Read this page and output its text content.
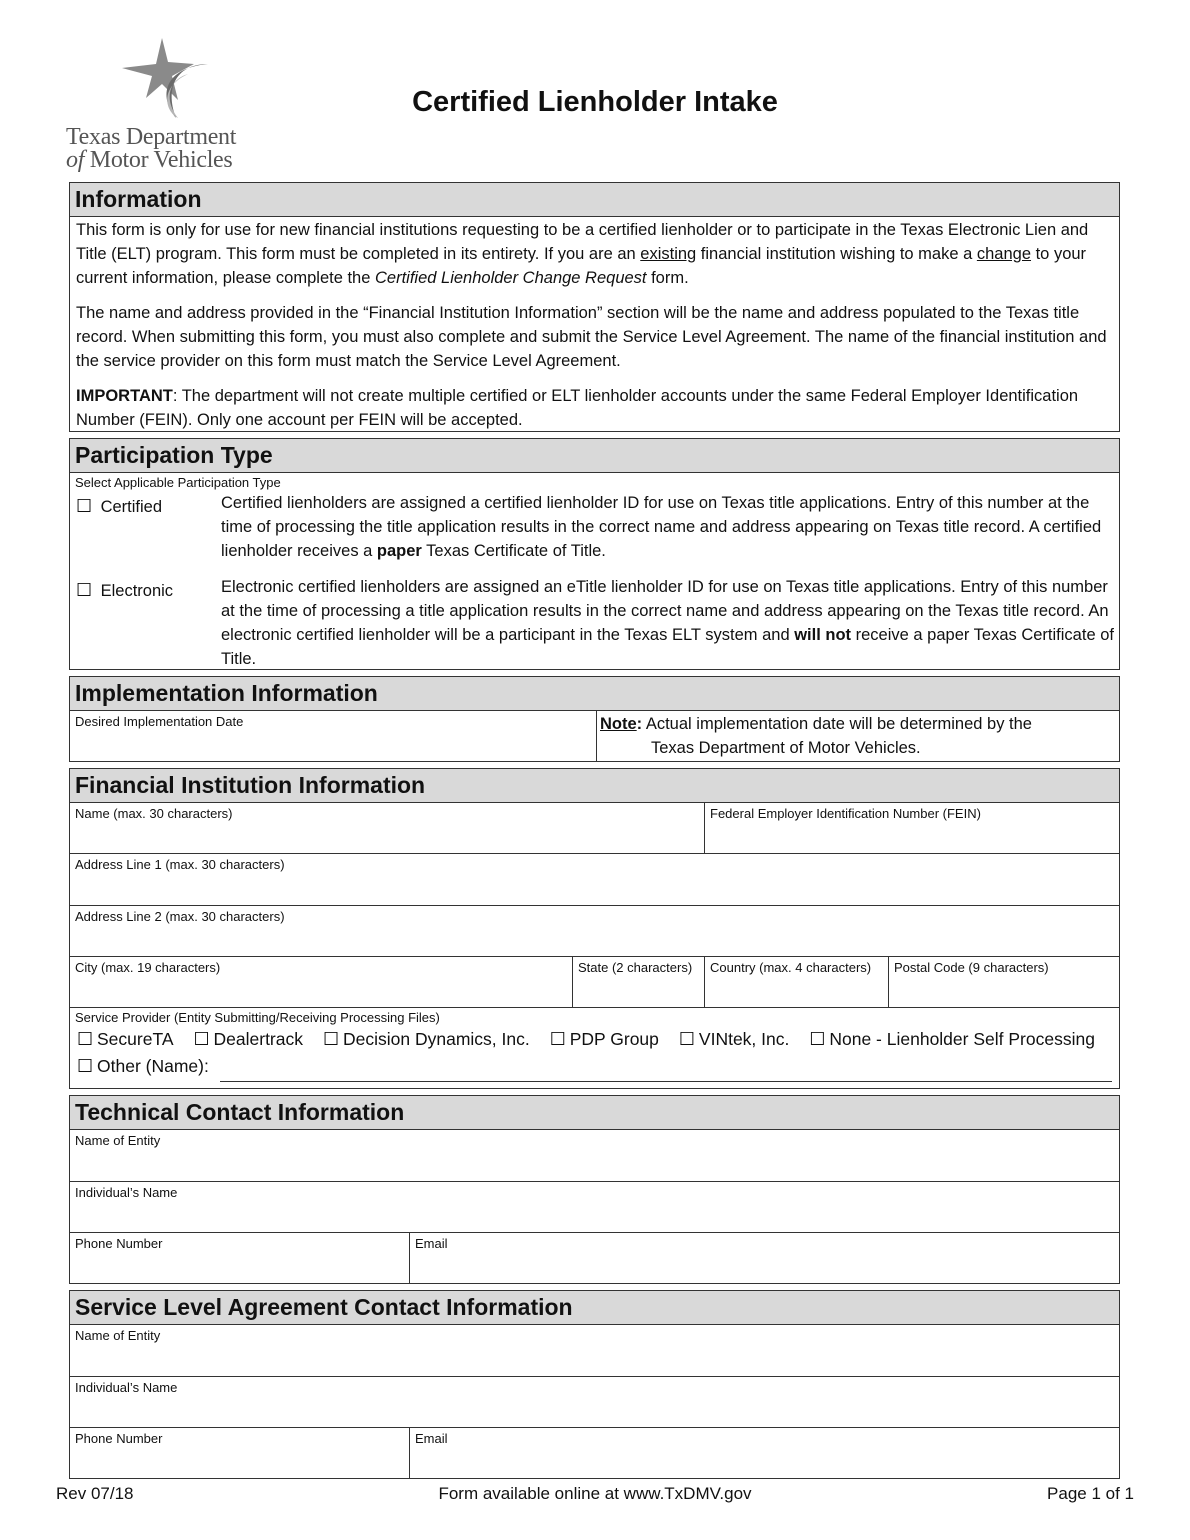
Texas Department
of Motor Vehicles
Certified Lienholder Intake
Information

This form is only for use for new financial institutions requesting to be a certified lienholder or to participate in the Texas Electronic Lien and Title (ELT) program. This form must be completed in its entirety. If you are an existing financial institution wishing to make a change to your current information, please complete the Certified Lienholder Change Request form.

The name and address provided in the “Financial Institution Information” section will be the name and address populated to the Texas title record. When submitting this form, you must also complete and submit the Service Level Agreement. The name of the financial institution and the service provider on this form must match the Service Level Agreement.

IMPORTANT: The department will not create multiple certified or ELT lienholder accounts under the same Federal Employer Identification Number (FEIN). Only one account per FEIN will be accepted.

Participation Type
Select Applicable Participation Type
☐ Certified	Certified lienholders are assigned a certified lienholder ID for use on Texas title applications. Entry of this number at the time of processing the title application results in the correct name and address appearing on Texas title record. A certified lienholder receives a paper Texas Certificate of Title.
☐ Electronic	Electronic certified lienholders are assigned an eTitle lienholder ID for use on Texas title applications. Entry of this number at the time of processing a title application results in the correct name and address appearing on the Texas title record. An electronic certified lienholder will be a participant in the Texas ELT system and will not receive a paper Texas Certificate of Title.
Implementation Information
Desired Implementation Date	Note: Actual implementation date will be determined by the
Texas Department of Motor Vehicles.
Financial Institution Information
Name (max. 30 characters)	Federal Employer Identification Number (FEIN)
Address Line 1 (max. 30 characters)
Address Line 2 (max. 30 characters)
City (max. 19 characters)	State (2 characters) Country (max. 4 characters) Postal Code (9 characters)
Service Provider (Entity Submitting/Receiving Processing Files)
☐ SecureTA ☐ Dealertrack ☐ Decision Dynamics, Inc. ☐ PDP Group ☐ VINtek, Inc. ☐ None - Lienholder Self Processing
☐ Other (Name):
Technical Contact Information
Name of Entity
Individual’s Name
Phone Number	Email
Service Level Agreement Contact Information
Name of Entity
Individual’s Name
Phone Number	Email
Rev 07/18	Form available online at www.TxDMV.gov	Page 1 of 1
